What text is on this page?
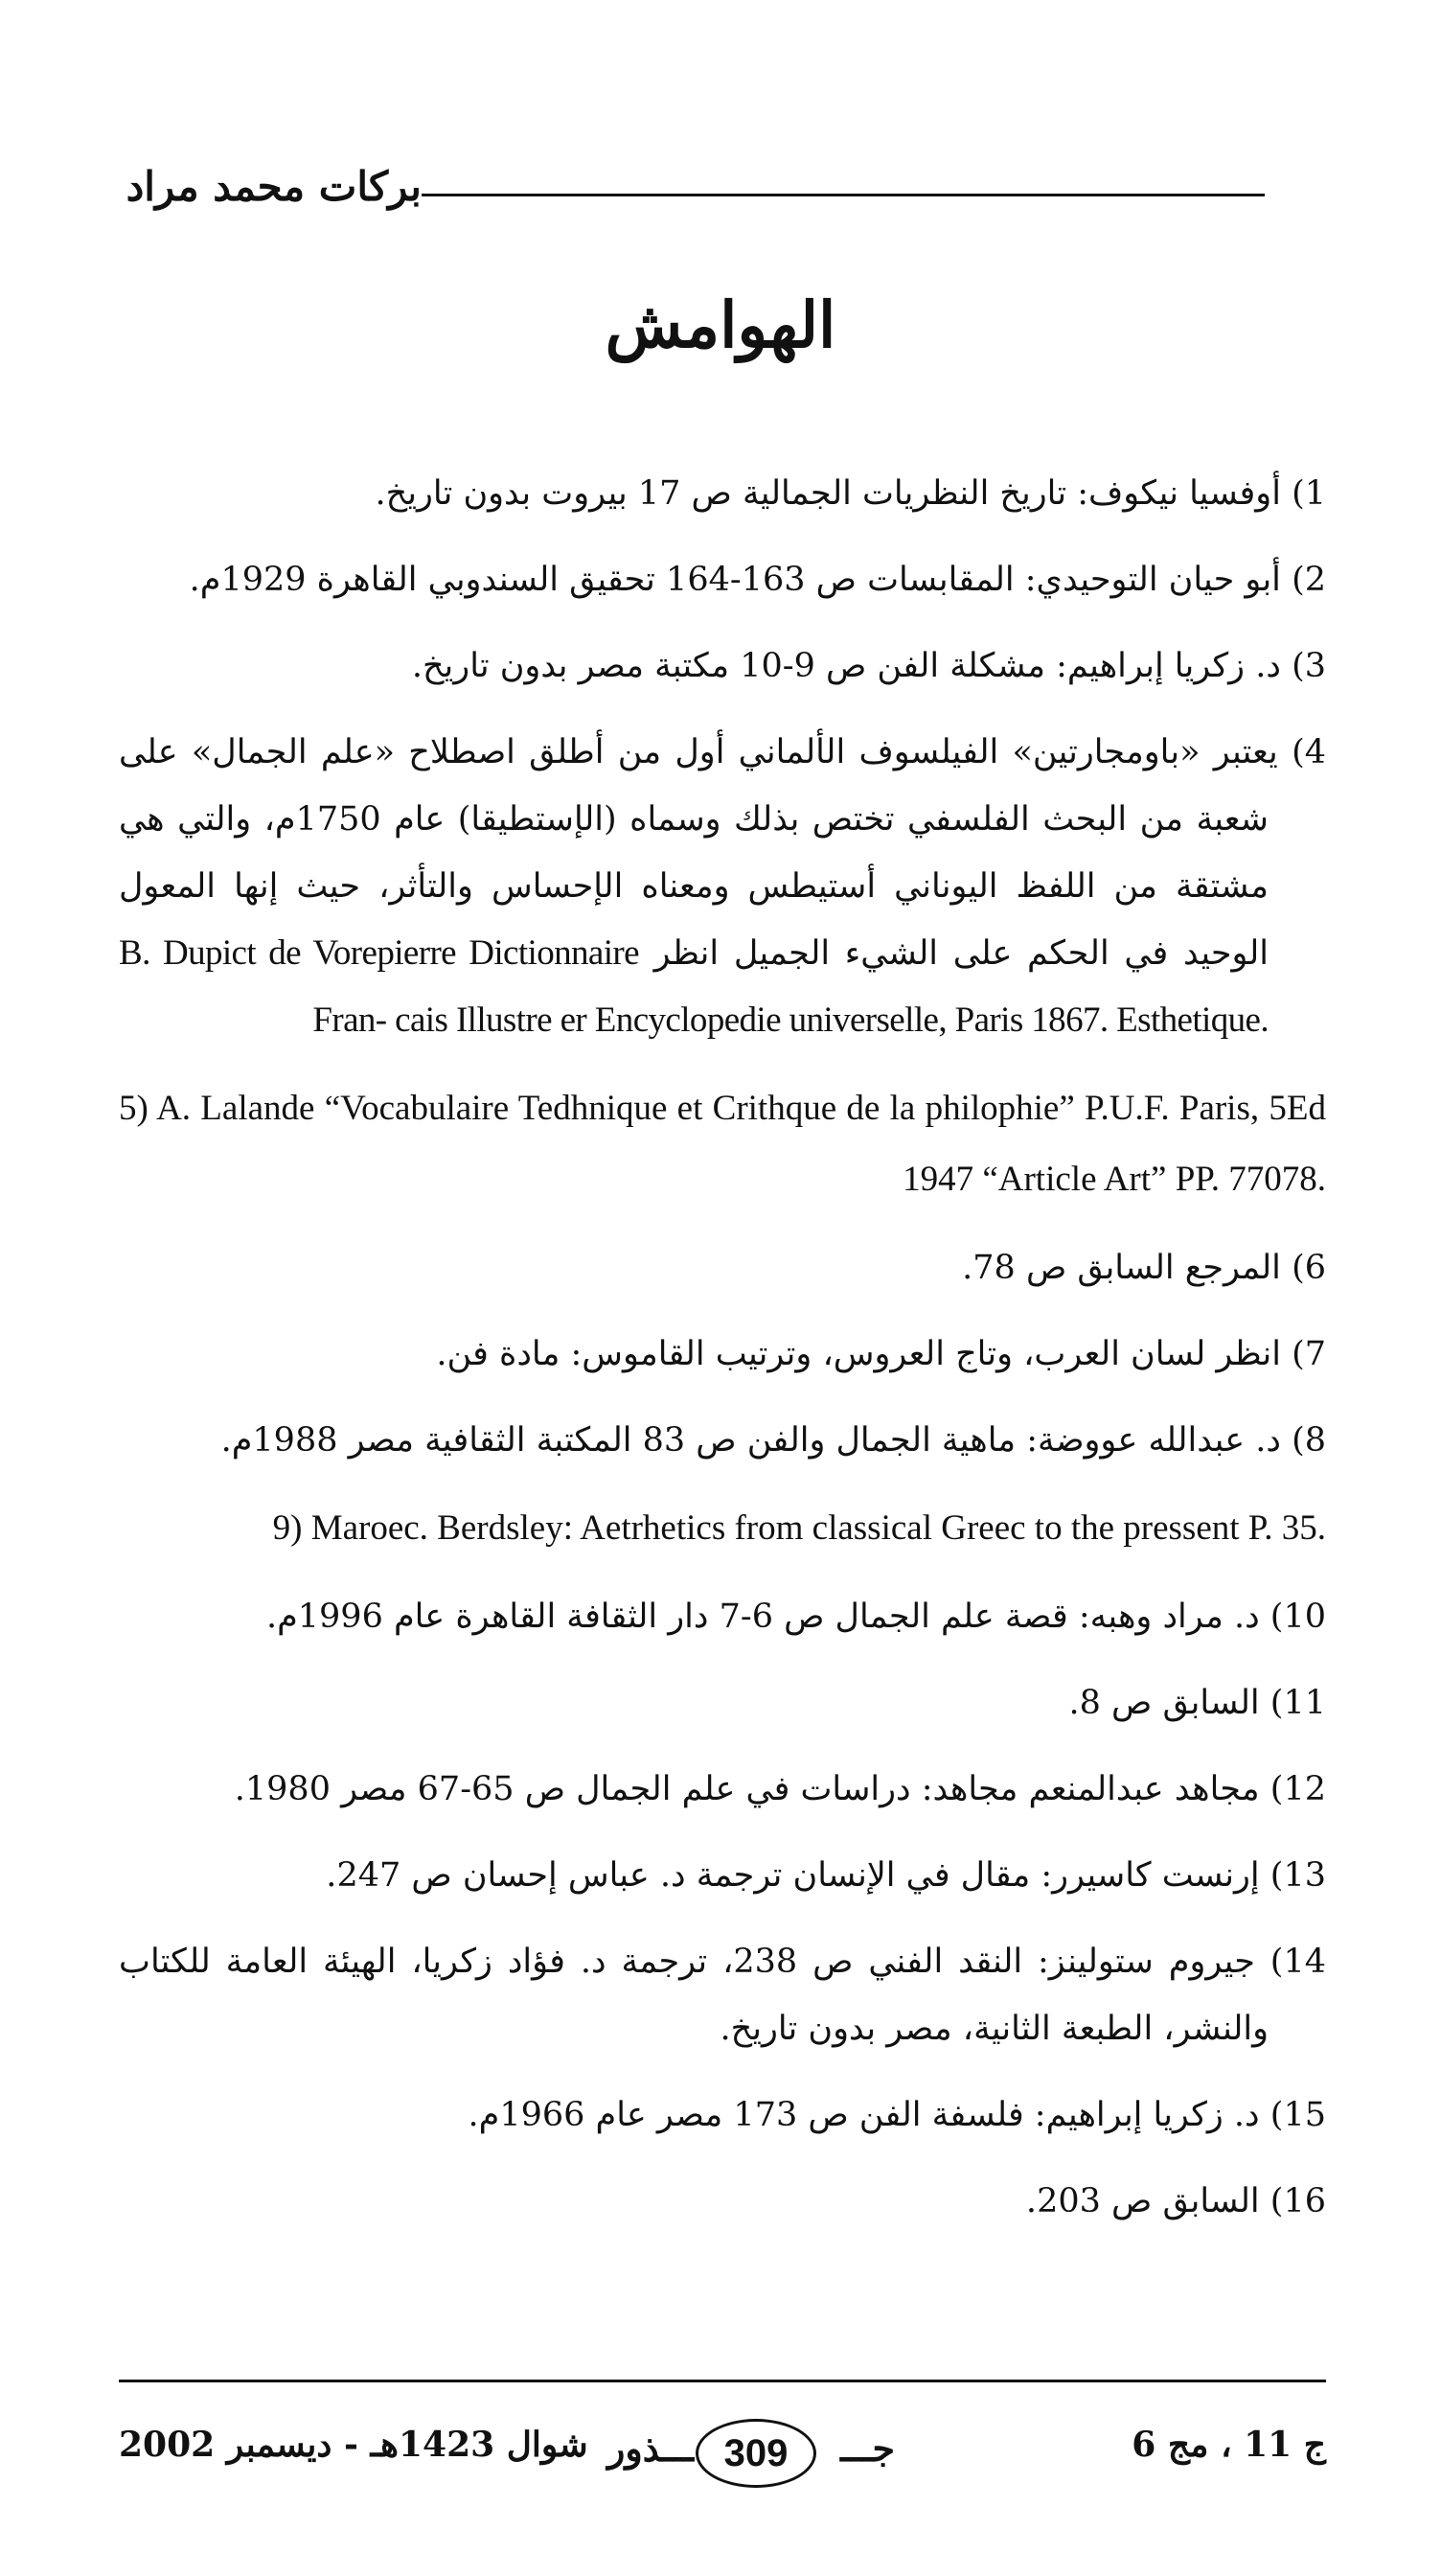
بركات محمد مراد
الهوامش
1) أوفسيا نيكوف: تاريخ النظريات الجمالية ص 17 بيروت بدون تاريخ.
2) أبو حيان التوحيدي: المقابسات ص 163-164 تحقيق السندوبي القاهرة 1929م.
3) د. زكريا إبراهيم: مشكلة الفن ص 9-10 مكتبة مصر بدون تاريخ.
4) يعتبر «باومجارتين» الفيلسوف الألماني أول من أطلق اصطلاح «علم الجمال» على شعبة من البحث الفلسفي تختص بذلك وسماه (الإستطيقا) عام 1750م، والتي هي مشتقة من اللفظ اليوناني أستيطس ومعناه الإحساس والتأثر، حيث إنها المعول الوحيد في الحكم على الشيء الجميل انظر B. Dupict de Vorepierre Dictionnaire Fran- cais Illustre er Encyclopedie universelle, Paris 1867. Esthetique.
5) A. Lalande “Vocabulaire Tedhnique et Crithque de la philophie” P.U.F. Paris, 5Ed 1947 “Article Art” PP. 77078.
6) المرجع السابق ص 78.
7) انظر لسان العرب، وتاج العروس، وترتيب القاموس: مادة فن.
8) د. عبدالله عووضة: ماهية الجمال والفن ص 83 المكتبة الثقافية مصر 1988م.
9) Maroec. Berdsley: Aetrhetics from classical Greec to the pressent P. 35.
10) د. مراد وهبه: قصة علم الجمال ص 6-7 دار الثقافة القاهرة عام 1996م.
11) السابق ص 8.
12) مجاهد عبدالمنعم مجاهد: دراسات في علم الجمال ص 65-67 مصر 1980.
13) إرنست كاسيرر: مقال في الإنسان ترجمة د. عباس إحسان ص 247.
14) جيروم ستولينز: النقد الفني ص 238، ترجمة د. فؤاد زكريا، الهيئة العامة للكتاب والنشر، الطبعة الثانية، مصر بدون تاريخ.
15) د. زكريا إبراهيم: فلسفة الفن ص 173 مصر عام 1966م.
16) السابق ص 203.
شوال 1423هـ - ديسمبر 2002	جـــ
ـــذور 309	ج 11 ، مج 6
